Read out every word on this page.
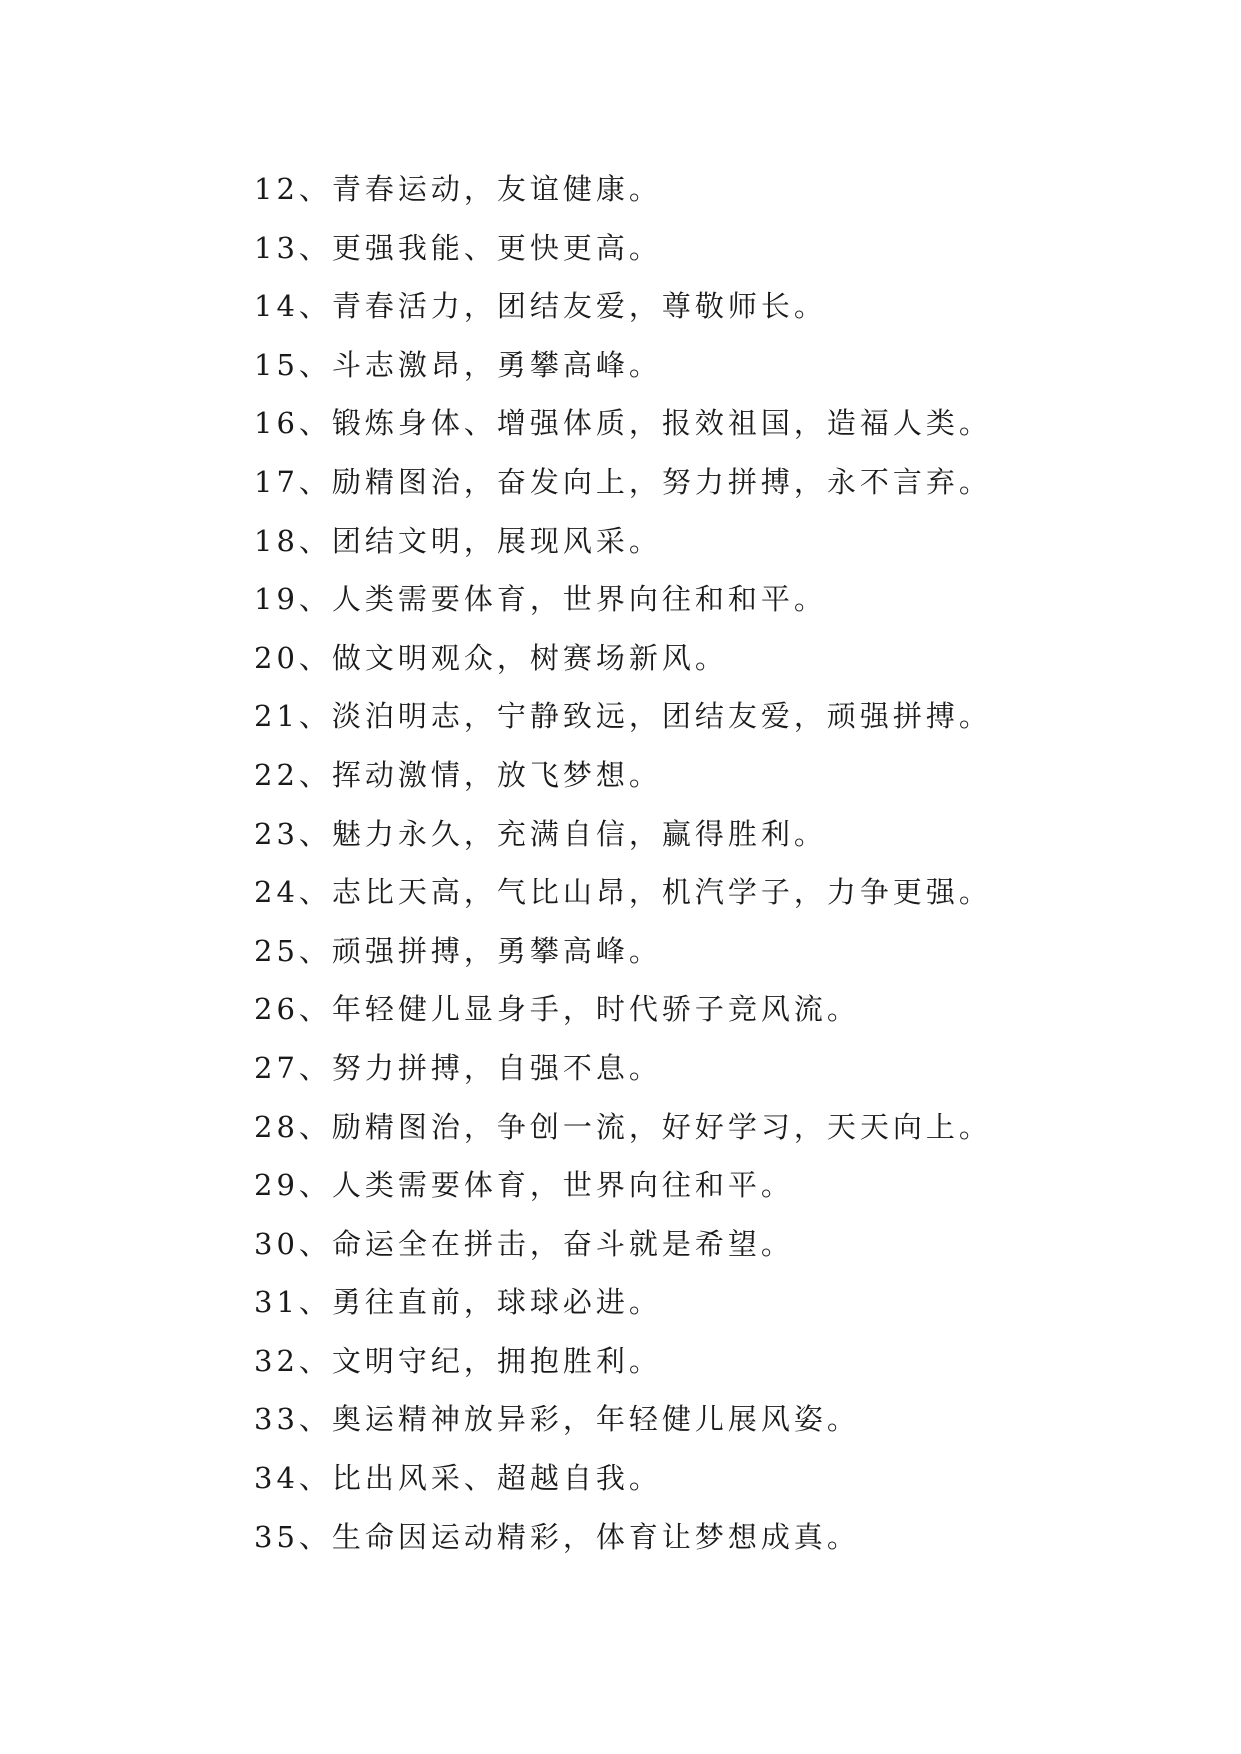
12、青春运动，友谊健康。
13、更强我能、更快更高。
14、青春活力，团结友爱，尊敬师长。
15、斗志激昂，勇攀高峰。
16、锻炼身体、增强体质，报效祖国，造福人类。
17、励精图治，奋发向上，努力拼搏，永不言弃。
18、团结文明，展现风采。
19、人类需要体育，世界向往和和平。
20、做文明观众，树赛场新风。
21、淡泊明志，宁静致远，团结友爱，顽强拼搏。
22、挥动激情，放飞梦想。
23、魅力永久，充满自信，赢得胜利。
24、志比天高，气比山昂，机汽学子，力争更强。
25、顽强拼搏，勇攀高峰。
26、年轻健儿显身手，时代骄子竞风流。
27、努力拼搏，自强不息。
28、励精图治，争创一流，好好学习，天天向上。
29、人类需要体育，世界向往和平。
30、命运全在拼击，奋斗就是希望。
31、勇往直前，球球必进。
32、文明守纪，拥抱胜利。
33、奥运精神放异彩，年轻健儿展风姿。
34、比出风采、超越自我。
35、生命因运动精彩，体育让梦想成真。
